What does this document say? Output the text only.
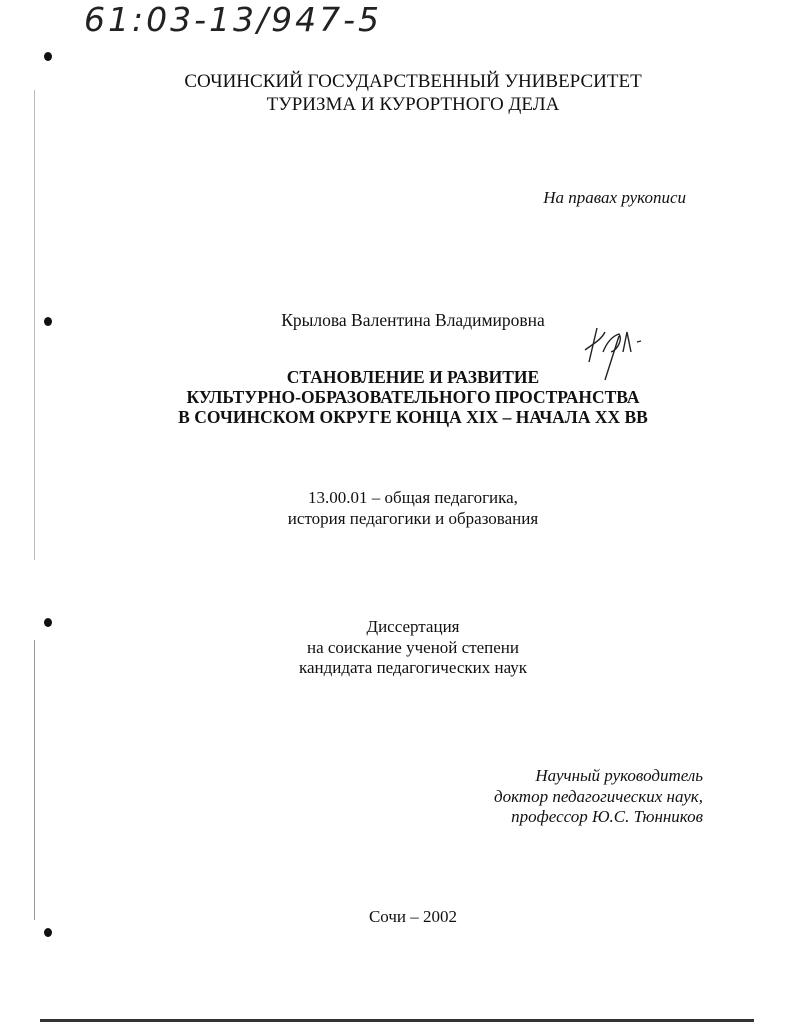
61:03-13/947-5
СОЧИНСКИЙ ГОСУДАРСТВЕННЫЙ УНИВЕРСИТЕТ
ТУРИЗМА И КУРОРТНОГО ДЕЛА
На правах рукописи
Крылова Валентина Владимировна
СТАНОВЛЕНИЕ И РАЗВИТИЕ
КУЛЬТУРНО-ОБРАЗОВАТЕЛЬНОГО ПРОСТРАНСТВА
В СОЧИНСКОМ ОКРУГЕ КОНЦА XIX – НАЧАЛА XX ВВ
13.00.01 – общая педагогика,
история педагогики и образования
Диссертация
на соискание ученой степени
кандидата педагогических наук
Научный руководитель
доктор педагогических наук,
профессор Ю.С. Тюнников
Сочи – 2002
